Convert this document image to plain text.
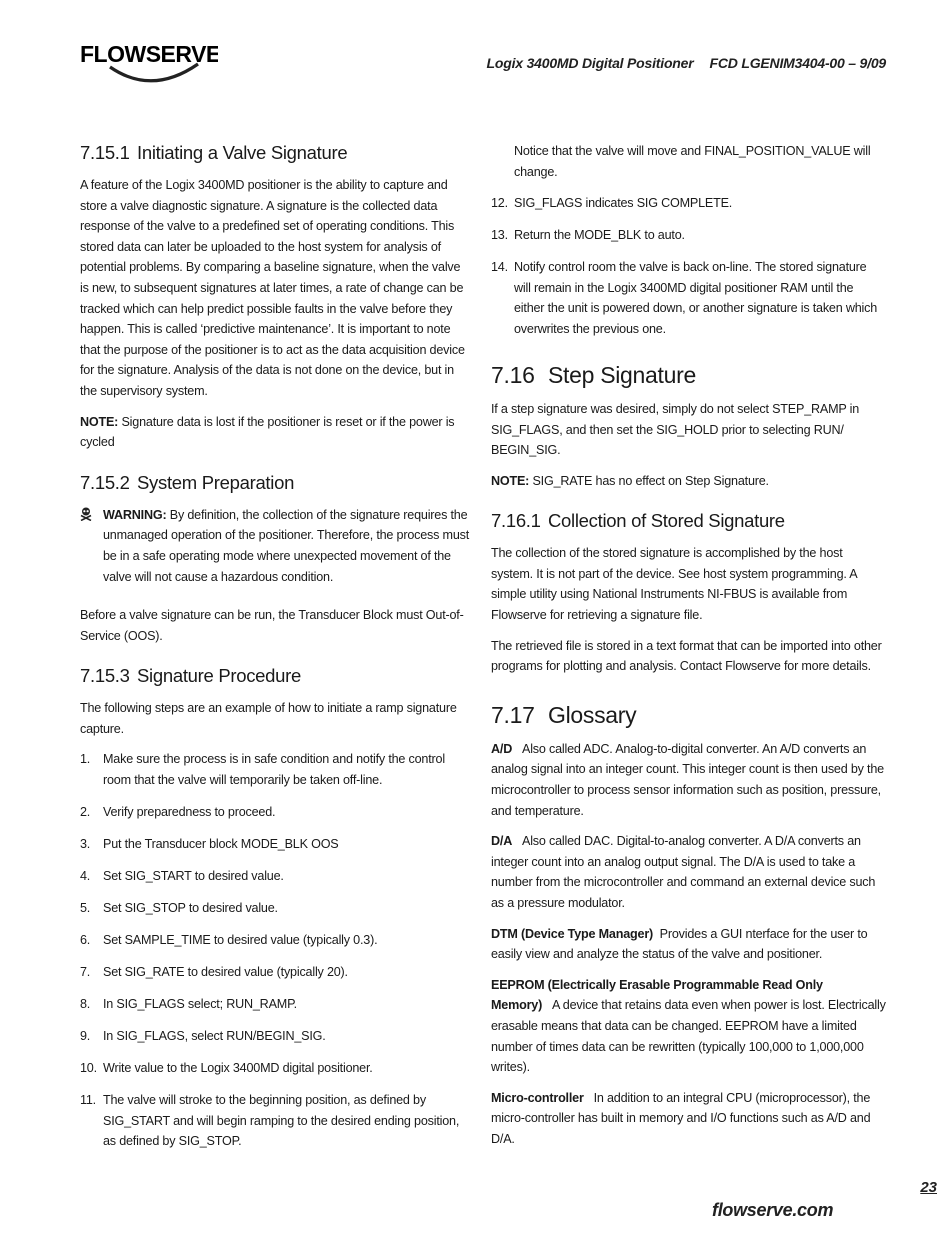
FLOWSERVE	Logix 3400MD Digital Positioner FCD LGENIM3404-00 – 9/09
7.15.1 Initiating a Valve Signature

A feature of the Logix 3400MD positioner is the ability to capture and store a valve diagnostic signature. A signature is the collected data response of the valve to a predefined set of operating conditions. This stored data can later be uploaded to the host system for analysis of potential problems. By comparing a baseline signature, when the valve is new, to subsequent signatures at later times, a rate of change can be tracked which can help predict possible faults in the valve before they happen. This is called ‘predictive maintenance’. It is important to note that the purpose of the positioner is to act as the data acquisition device for the signature. Analysis of the data is not done on the device, but in the supervisory system.

NOTE: Signature data is lost if the positioner is reset or if the power is cycled

7.15.2 System Preparation

WARNING: By definition, the collection of the signature requires the unmanaged operation of the positioner. Therefore, the process must be in a safe operating mode where unexpected movement of the valve will not cause a hazardous condition.

Before a valve signature can be run, the Transducer Block must Out-of-Service (OOS).

7.15.3 Signature Procedure

The following steps are an example of how to initiate a ramp signature capture.

1. Make sure the process is in safe condition and notify the control room that the valve will temporarily be taken off-line.
2. Verify preparedness to proceed.
3. Put the Transducer block MODE_BLK OOS
4. Set SIG_START to desired value.
5. Set SIG_STOP to desired value.
6. Set SAMPLE_TIME to desired value (typically 0.3).
7. Set SIG_RATE to desired value (typically 20).
8. In SIG_FLAGS select; RUN_RAMP.
9. In SIG_FLAGS, select RUN/BEGIN_SIG.
10. Write value to the Logix 3400MD digital positioner.
11. The valve will stroke to the beginning position, as defined by SIG_START and will begin ramping to the desired ending position, as defined by SIG_STOP.
Notice that the valve will move and FINAL_POSITION_VALUE will change.
12. SIG_FLAGS indicates SIG COMPLETE.
13. Return the MODE_BLK to auto.
14. Notify control room the valve is back on-line. The stored signature will remain in the Logix 3400MD digital positioner RAM until the either the unit is powered down, or another signature is taken which overwrites the previous one.
7.16 Step Signature

If a step signature was desired, simply do not select STEP_RAMP in SIG_FLAGS, and then set the SIG_HOLD prior to selecting RUN/ BEGIN_SIG.

NOTE: SIG_RATE has no effect on Step Signature.

7.16.1 Collection of Stored Signature

The collection of the stored signature is accomplished by the host system. It is not part of the device. See host system programming. A simple utility using National Instruments NI-FBUS is available from Flowserve for retrieving a signature file.

The retrieved file is stored in a text format that can be imported into other programs for plotting and analysis. Contact Flowserve for more details.

7.17 Glossary

A/D Also called ADC. Analog-to-digital converter. An A/D converts an analog signal into an integer count. This integer count is then used by the microcontroller to process sensor information such as position, pressure, and temperature.

D/A Also called DAC. Digital-to-analog converter. A D/A converts an integer count into an analog output signal. The D/A is used to take a number from the microcontroller and command an external device such as a pressure modulator.

DTM (Device Type Manager) Provides a GUI nterface for the user to easily view and analyze the status of the valve and positioner.

EEPROM (Electrically Erasable Programmable Read Only Memory) A device that retains data even when power is lost. Electrically erasable means that data can be changed. EEPROM have a limited number of times data can be rewritten (typically 100,000 to 1,000,000 writes).

Micro-controller In addition to an integral CPU (microprocessor), the micro-controller has built in memory and I/O functions such as A/D and D/A.

23
flowserve.com
